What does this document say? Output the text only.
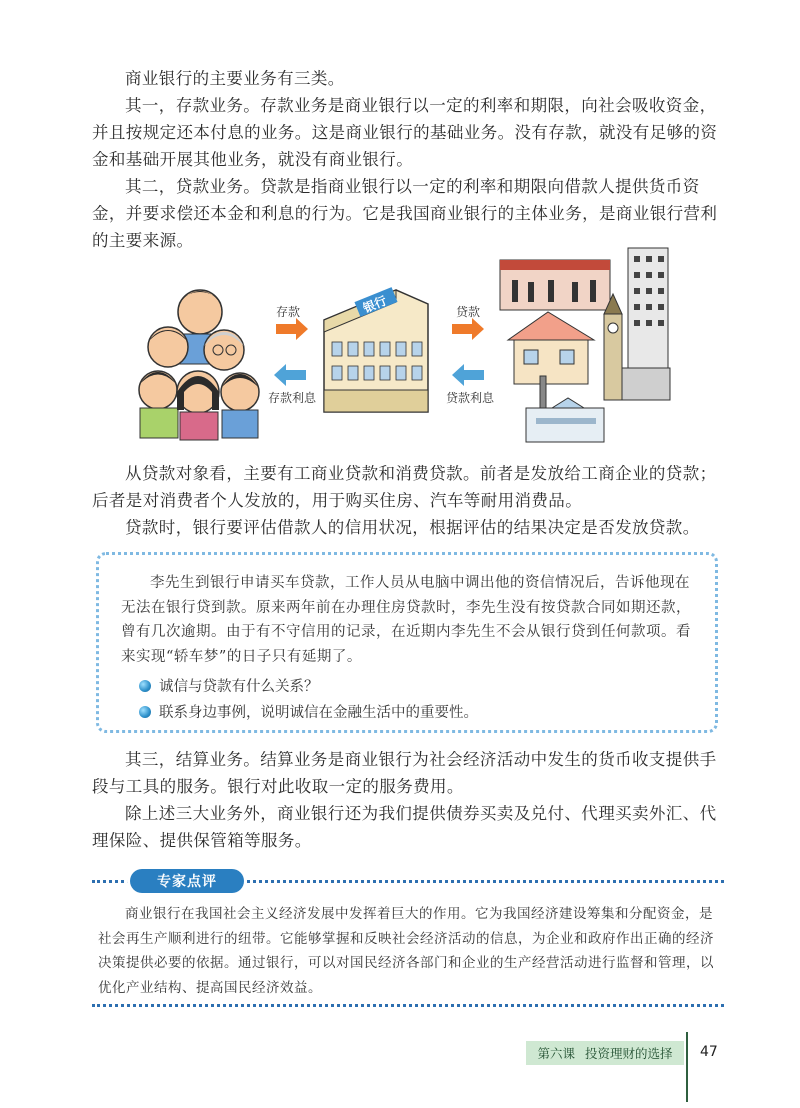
商业银行的主要业务有三类。

其一，存款业务。存款业务是商业银行以一定的利率和期限，向社会吸收资金，并且按规定还本付息的业务。这是商业银行的基础业务。没有存款，就没有足够的资金和基础开展其他业务，就没有商业银行。

其二，贷款业务。贷款是指商业银行以一定的利率和期限向借款人提供货币资金，并要求偿还本金和利息的行为。它是我国商业银行的主体业务，是商业银行营利的主要来源。

存款
存款利息
银行	贷款
贷款利息

从贷款对象看，主要有工商业贷款和消费贷款。前者是发放给工商企业的贷款；后者是对消费者个人发放的，用于购买住房、汽车等耐用消费品。

贷款时，银行要评估借款人的信用状况，根据评估的结果决定是否发放贷款。

李先生到银行申请买车贷款，工作人员从电脑中调出他的资信情况后，告诉他现在无法在银行贷到款。原来两年前在办理住房贷款时，李先生没有按贷款合同如期还款，曾有几次逾期。由于有不守信用的记录，在近期内李先生不会从银行贷到任何款项。看来实现“轿车梦”的日子只有延期了。

诚信与贷款有什么关系？
联系身边事例，说明诚信在金融生活中的重要性。

其三，结算业务。结算业务是商业银行为社会经济活动中发生的货币收支提供手段与工具的服务。银行对此收取一定的服务费用。

除上述三大业务外，商业银行还为我们提供债券买卖及兑付、代理买卖外汇、代理保险、提供保管箱等服务。

专家点评

商业银行在我国社会主义经济发展中发挥着巨大的作用。它为我国经济建设筹集和分配资金，是社会再生产顺利进行的纽带。它能够掌握和反映社会经济活动的信息，为企业和政府作出正确的经济决策提供必要的依据。通过银行，可以对国民经济各部门和企业的生产经营活动进行监督和管理，以优化产业结构、提高国民经济效益。

第六课 投资理财的选择 47
